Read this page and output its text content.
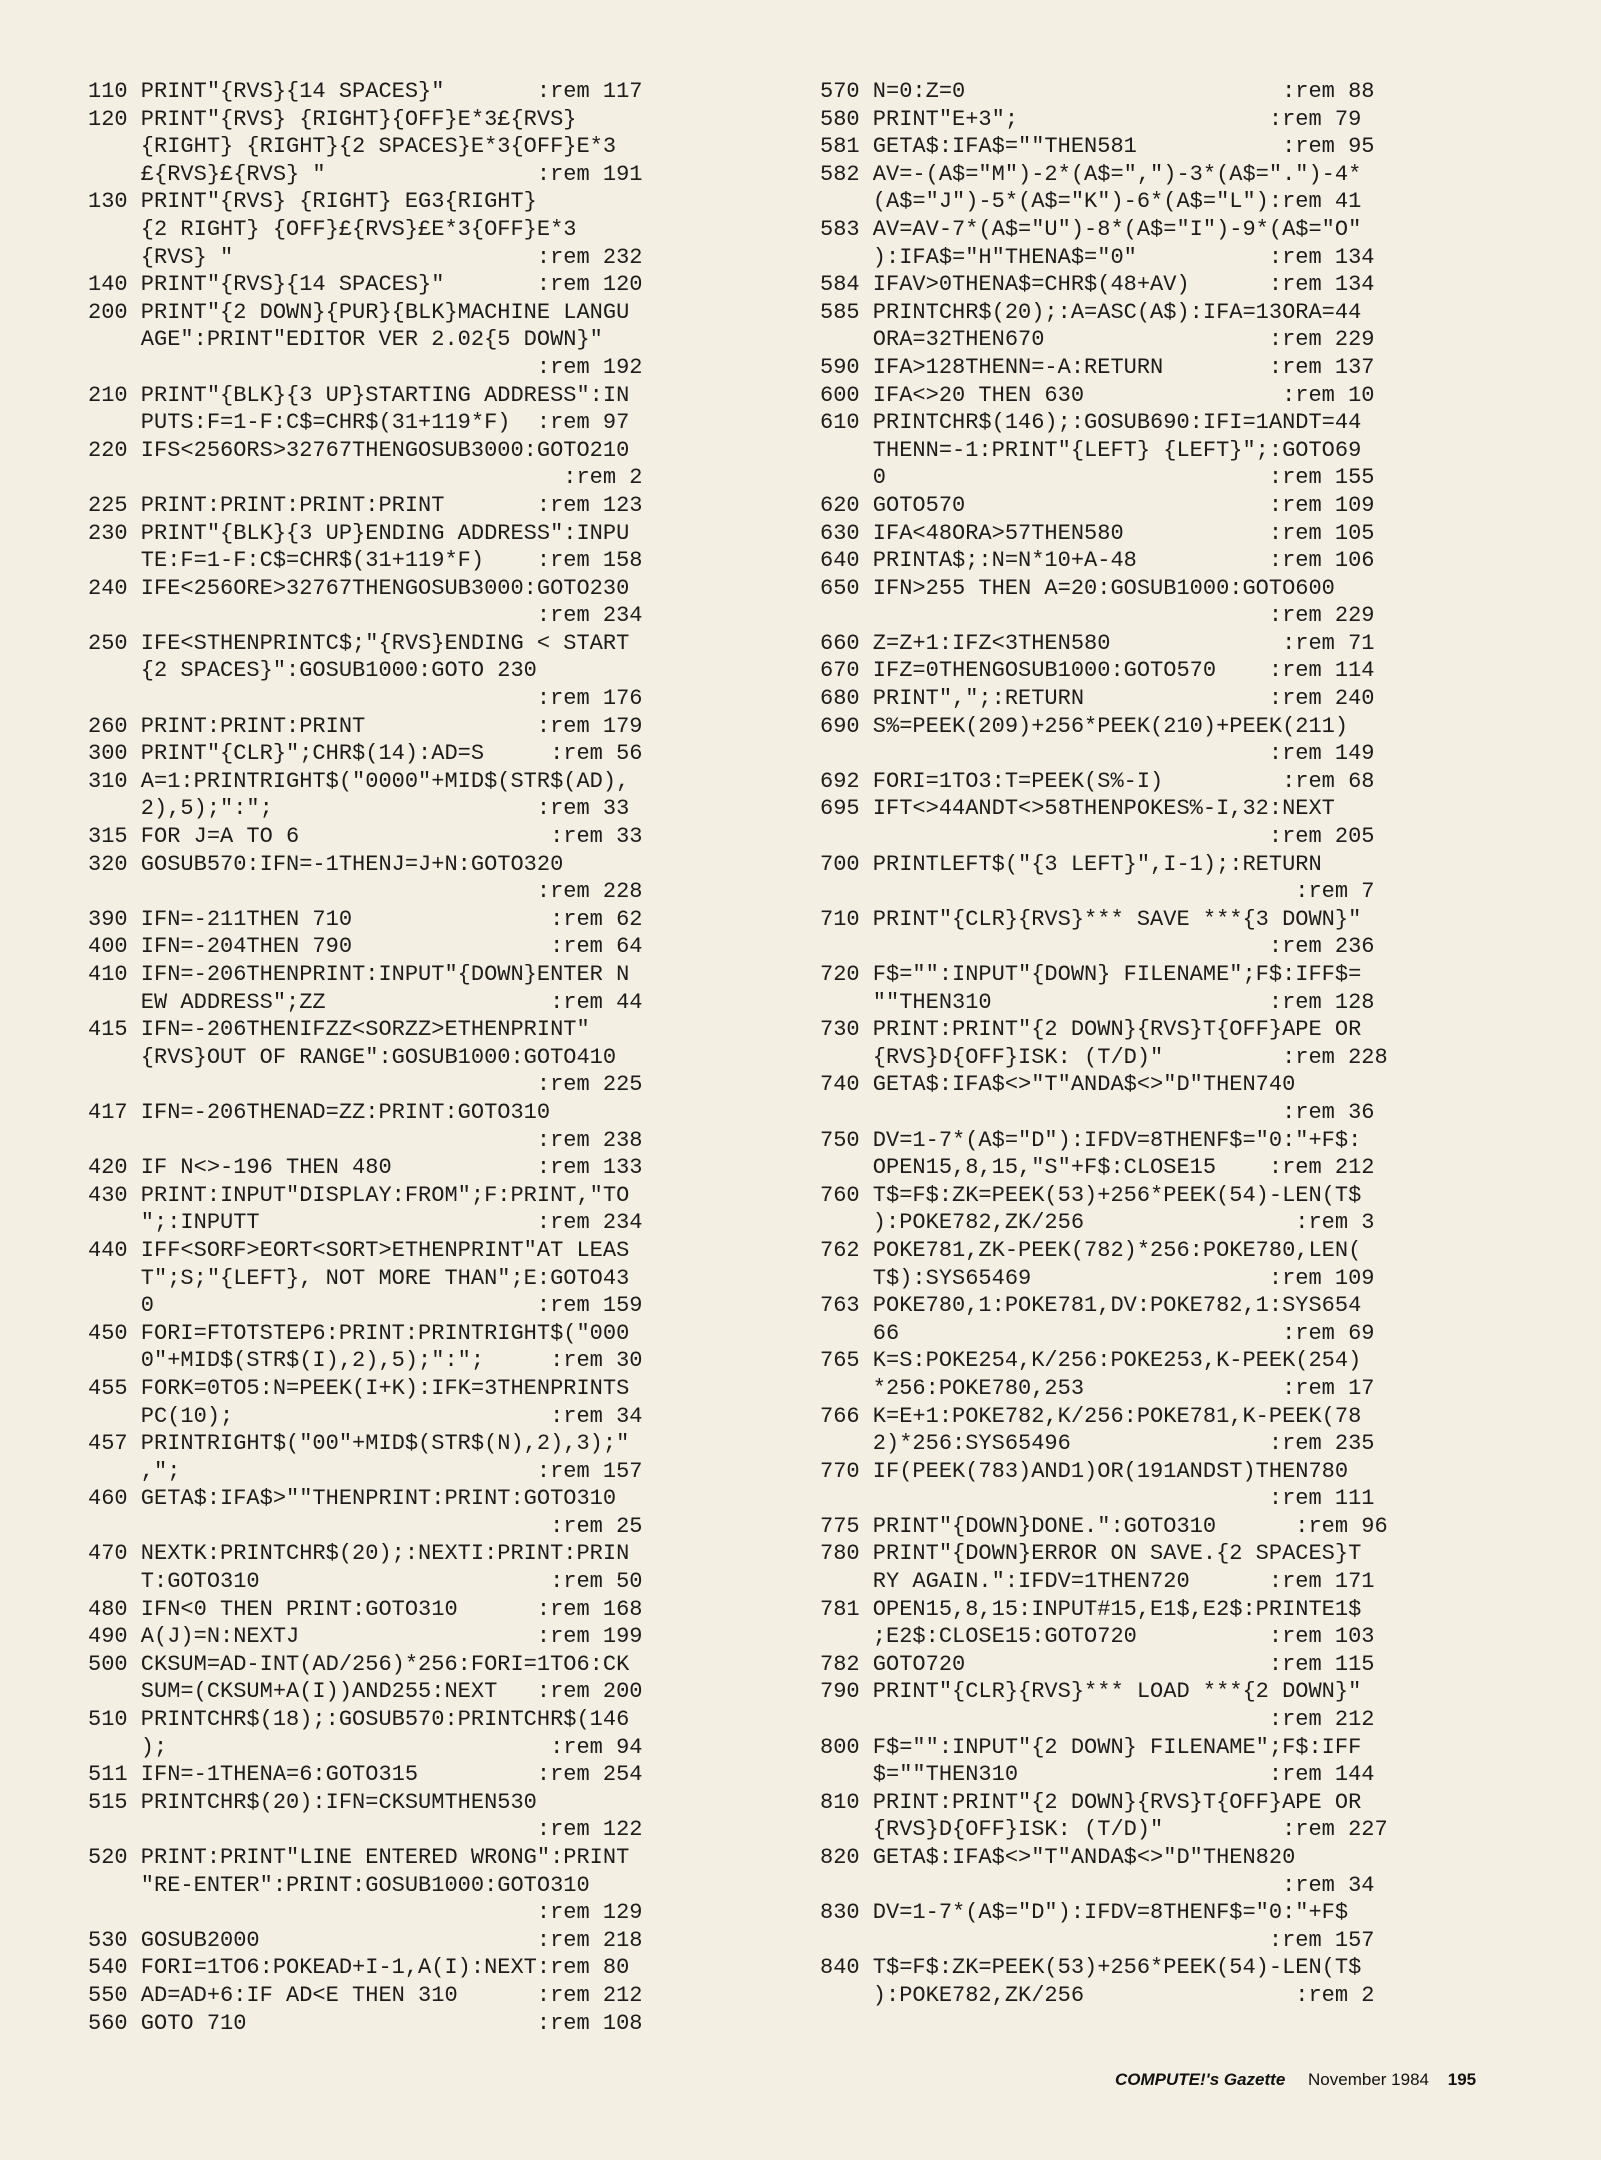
110 PRINT"{RVS}{14 SPACES}"       :rem 117
120 PRINT"{RVS} {RIGHT}{OFF}E*3£{RVS}
{RIGHT} {RIGHT}{2 SPACES}E*3{OFF}E*3
£{RVS}£{RVS} "                :rem 191
130 PRINT"{RVS} {RIGHT} EG3{RIGHT}
{2 RIGHT} {OFF}£{RVS}£E*3{OFF}E*3
{RVS} "                       :rem 232
140 PRINT"{RVS}{14 SPACES}"       :rem 120
200 PRINT"{2 DOWN}{PUR}{BLK}MACHINE LANGU
AGE":PRINT"EDITOR VER 2.02{5 DOWN}"
:rem 192
210 PRINT"{BLK}{3 UP}STARTING ADDRESS":IN
PUTS:F=1-F:C$=CHR$(31+119*F)  :rem 97
220 IFS<256ORS>32767THENGOSUB3000:GOTO210
:rem 2
225 PRINT:PRINT:PRINT:PRINT       :rem 123
230 PRINT"{BLK}{3 UP}ENDING ADDRESS":INPU
TE:F=1-F:C$=CHR$(31+119*F)    :rem 158
240 IFE<256ORE>32767THENGOSUB3000:GOTO230
:rem 234
250 IFE<STHENPRINTC$;"{RVS}ENDING < START
{2 SPACES}":GOSUB1000:GOTO 230
:rem 176
260 PRINT:PRINT:PRINT             :rem 179
300 PRINT"{CLR}";CHR$(14):AD=S     :rem 56
310 A=1:PRINTRIGHT$("0000"+MID$(STR$(AD),
2),5);":";                    :rem 33
315 FOR J=A TO 6                   :rem 33
320 GOSUB570:IFN=-1THENJ=J+N:GOTO320
:rem 228
390 IFN=-211THEN 710               :rem 62
400 IFN=-204THEN 790               :rem 64
410 IFN=-206THENPRINT:INPUT"{DOWN}ENTER N
EW ADDRESS";ZZ                 :rem 44
415 IFN=-206THENIFZZ<SORZZ>ETHENPRINT"
{RVS}OUT OF RANGE":GOSUB1000:GOTO410
:rem 225
417 IFN=-206THENAD=ZZ:PRINT:GOTO310
:rem 238
420 IF N<>-196 THEN 480           :rem 133
430 PRINT:INPUT"DISPLAY:FROM";F:PRINT,"TO
";:INPUTT                     :rem 234
440 IFF<SORF>EORT<SORT>ETHENPRINT"AT LEAS
T";S;"{LEFT}, NOT MORE THAN";E:GOTO43
0                             :rem 159
450 FORI=FTOTSTEP6:PRINT:PRINTRIGHT$("000
0"+MID$(STR$(I),2),5);":";     :rem 30
455 FORK=0TO5:N=PEEK(I+K):IFK=3THENPRINTS
PC(10);                        :rem 34
457 PRINTRIGHT$("00"+MID$(STR$(N),2),3);"
,";                           :rem 157
460 GETA$:IFA$>""THENPRINT:PRINT:GOTO310
:rem 25
470 NEXTK:PRINTCHR$(20);:NEXTI:PRINT:PRIN
T:GOTO310                      :rem 50
480 IFN<0 THEN PRINT:GOTO310      :rem 168
490 A(J)=N:NEXTJ                  :rem 199
500 CKSUM=AD-INT(AD/256)*256:FORI=1TO6:CK
SUM=(CKSUM+A(I))AND255:NEXT   :rem 200
510 PRINTCHR$(18);:GOSUB570:PRINTCHR$(146
);                             :rem 94
511 IFN=-1THENA=6:GOTO315         :rem 254
515 PRINTCHR$(20):IFN=CKSUMTHEN530
:rem 122
520 PRINT:PRINT"LINE ENTERED WRONG":PRINT
"RE-ENTER":PRINT:GOSUB1000:GOTO310
:rem 129
530 GOSUB2000                     :rem 218
540 FORI=1TO6:POKEAD+I-1,A(I):NEXT:rem 80
550 AD=AD+6:IF AD<E THEN 310      :rem 212
560 GOTO 710                      :rem 108
570 N=0:Z=0                        :rem 88
580 PRINT"E+3";                   :rem 79
581 GETA$:IFA$=""THEN581           :rem 95
582 AV=-(A$="M")-2*(A$=",")-3*(A$=".")-4*
(A$="J")-5*(A$="K")-6*(A$="L"):rem 41
583 AV=AV-7*(A$="U")-8*(A$="I")-9*(A$="O"
):IFA$="H"THENA$="0"          :rem 134
584 IFAV>0THENA$=CHR$(48+AV)      :rem 134
585 PRINTCHR$(20);:A=ASC(A$):IFA=13ORA=44
ORA=32THEN670                 :rem 229
590 IFA>128THENN=-A:RETURN        :rem 137
600 IFA<>20 THEN 630               :rem 10
610 PRINTCHR$(146);:GOSUB690:IFI=1ANDT=44
THENN=-1:PRINT"{LEFT} {LEFT}";:GOTO69
0                             :rem 155
620 GOTO570                       :rem 109
630 IFA<48ORA>57THEN580           :rem 105
640 PRINTA$;:N=N*10+A-48          :rem 106
650 IFN>255 THEN A=20:GOSUB1000:GOTO600
:rem 229
660 Z=Z+1:IFZ<3THEN580             :rem 71
670 IFZ=0THENGOSUB1000:GOTO570    :rem 114
680 PRINT",";:RETURN              :rem 240
690 S%=PEEK(209)+256*PEEK(210)+PEEK(211)
:rem 149
692 FORI=1TO3:T=PEEK(S%-I)         :rem 68
695 IFT<>44ANDT<>58THENPOKES%-I,32:NEXT
:rem 205
700 PRINTLEFT$("{3 LEFT}",I-1);:RETURN
:rem 7
710 PRINT"{CLR}{RVS}*** SAVE ***{3 DOWN}"
:rem 236
720 F$="":INPUT"{DOWN} FILENAME";F$:IFF$=
""THEN310                     :rem 128
730 PRINT:PRINT"{2 DOWN}{RVS}T{OFF}APE OR
{RVS}D{OFF}ISK: (T/D)"         :rem 228
740 GETA$:IFA$<>"T"ANDA$<>"D"THEN740
:rem 36
750 DV=1-7*(A$="D"):IFDV=8THENF$="0:"+F$:
OPEN15,8,15,"S"+F$:CLOSE15    :rem 212
760 T$=F$:ZK=PEEK(53)+256*PEEK(54)-LEN(T$
):POKE782,ZK/256                :rem 3
762 POKE781,ZK-PEEK(782)*256:POKE780,LEN(
T$):SYS65469                  :rem 109
763 POKE780,1:POKE781,DV:POKE782,1:SYS654
66                             :rem 69
765 K=S:POKE254,K/256:POKE253,K-PEEK(254)
*256:POKE780,253               :rem 17
766 K=E+1:POKE782,K/256:POKE781,K-PEEK(78
2)*256:SYS65496               :rem 235
770 IF(PEEK(783)AND1)OR(191ANDST)THEN780
:rem 111
775 PRINT"{DOWN}DONE.":GOTO310      :rem 96
780 PRINT"{DOWN}ERROR ON SAVE.{2 SPACES}T
RY AGAIN.":IFDV=1THEN720      :rem 171
781 OPEN15,8,15:INPUT#15,E1$,E2$:PRINTE1$
;E2$:CLOSE15:GOTO720          :rem 103
782 GOTO720                       :rem 115
790 PRINT"{CLR}{RVS}*** LOAD ***{2 DOWN}"
:rem 212
800 F$="":INPUT"{2 DOWN} FILENAME";F$:IFF
$=""THEN310                   :rem 144
810 PRINT:PRINT"{2 DOWN}{RVS}T{OFF}APE OR
{RVS}D{OFF}ISK: (T/D)"         :rem 227
820 GETA$:IFA$<>"T"ANDA$<>"D"THEN820
:rem 34
830 DV=1-7*(A$="D"):IFDV=8THENF$="0:"+F$
:rem 157
840 T$=F$:ZK=PEEK(53)+256*PEEK(54)-LEN(T$
):POKE782,ZK/256                :rem 2
COMPUTE!'s Gazette November 1984 195
